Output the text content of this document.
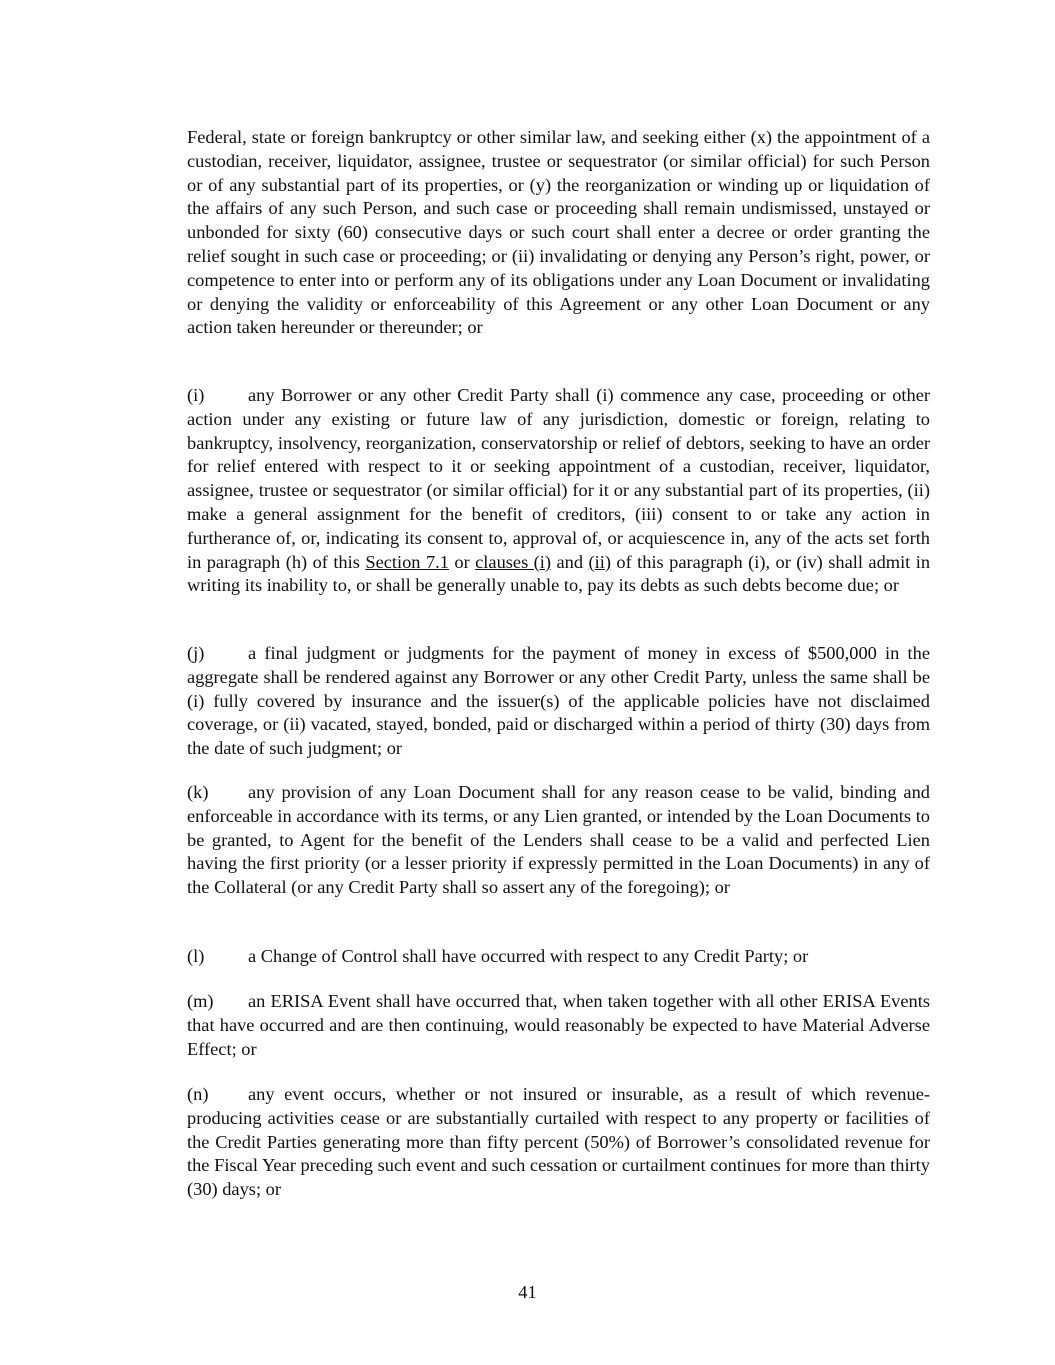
Federal, state or foreign bankruptcy or other similar law, and seeking either (x) the appointment of a custodian, receiver, liquidator, assignee, trustee or sequestrator (or similar official) for such Person or of any substantial part of its properties, or (y) the reorganization or winding up or liquidation of the affairs of any such Person, and such case or proceeding shall remain undismissed, unstayed or unbonded for sixty (60) consecutive days or such court shall enter a decree or order granting the relief sought in such case or proceeding; or (ii) invalidating or denying any Person’s right, power, or competence to enter into or perform any of its obligations under any Loan Document or invalidating or denying the validity or enforceability of this Agreement or any other Loan Document or any action taken hereunder or thereunder; or

(i) any Borrower or any other Credit Party shall (i) commence any case, proceeding or other action under any existing or future law of any jurisdiction, domestic or foreign, relating to bankruptcy, insolvency, reorganization, conservatorship or relief of debtors, seeking to have an order for relief entered with respect to it or seeking appointment of a custodian, receiver, liquidator, assignee, trustee or sequestrator (or similar official) for it or any substantial part of its properties, (ii) make a general assignment for the benefit of creditors, (iii) consent to or take any action in furtherance of, or, indicating its consent to, approval of, or acquiescence in, any of the acts set forth in paragraph (h) of this Section 7.1 or clauses (i) and (ii) of this paragraph (i), or (iv) shall admit in writing its inability to, or shall be generally unable to, pay its debts as such debts become due; or

(j) a final judgment or judgments for the payment of money in excess of $500,000 in the aggregate shall be rendered against any Borrower or any other Credit Party, unless the same shall be (i) fully covered by insurance and the issuer(s) of the applicable policies have not disclaimed coverage, or (ii) vacated, stayed, bonded, paid or discharged within a period of thirty (30) days from the date of such judgment; or

(k) any provision of any Loan Document shall for any reason cease to be valid, binding and enforceable in accordance with its terms, or any Lien granted, or intended by the Loan Documents to be granted, to Agent for the benefit of the Lenders shall cease to be a valid and perfected Lien having the first priority (or a lesser priority if expressly permitted in the Loan Documents) in any of the Collateral (or any Credit Party shall so assert any of the foregoing); or

(l) a Change of Control shall have occurred with respect to any Credit Party; or

(m) an ERISA Event shall have occurred that, when taken together with all other ERISA Events that have occurred and are then continuing, would reasonably be expected to have Material Adverse Effect; or

(n) any event occurs, whether or not insured or insurable, as a result of which revenue-producing activities cease or are substantially curtailed with respect to any property or facilities of the Credit Parties generating more than fifty percent (50%) of Borrower’s consolidated revenue for the Fiscal Year preceding such event and such cessation or curtailment continues for more than thirty (30) days; or

41
